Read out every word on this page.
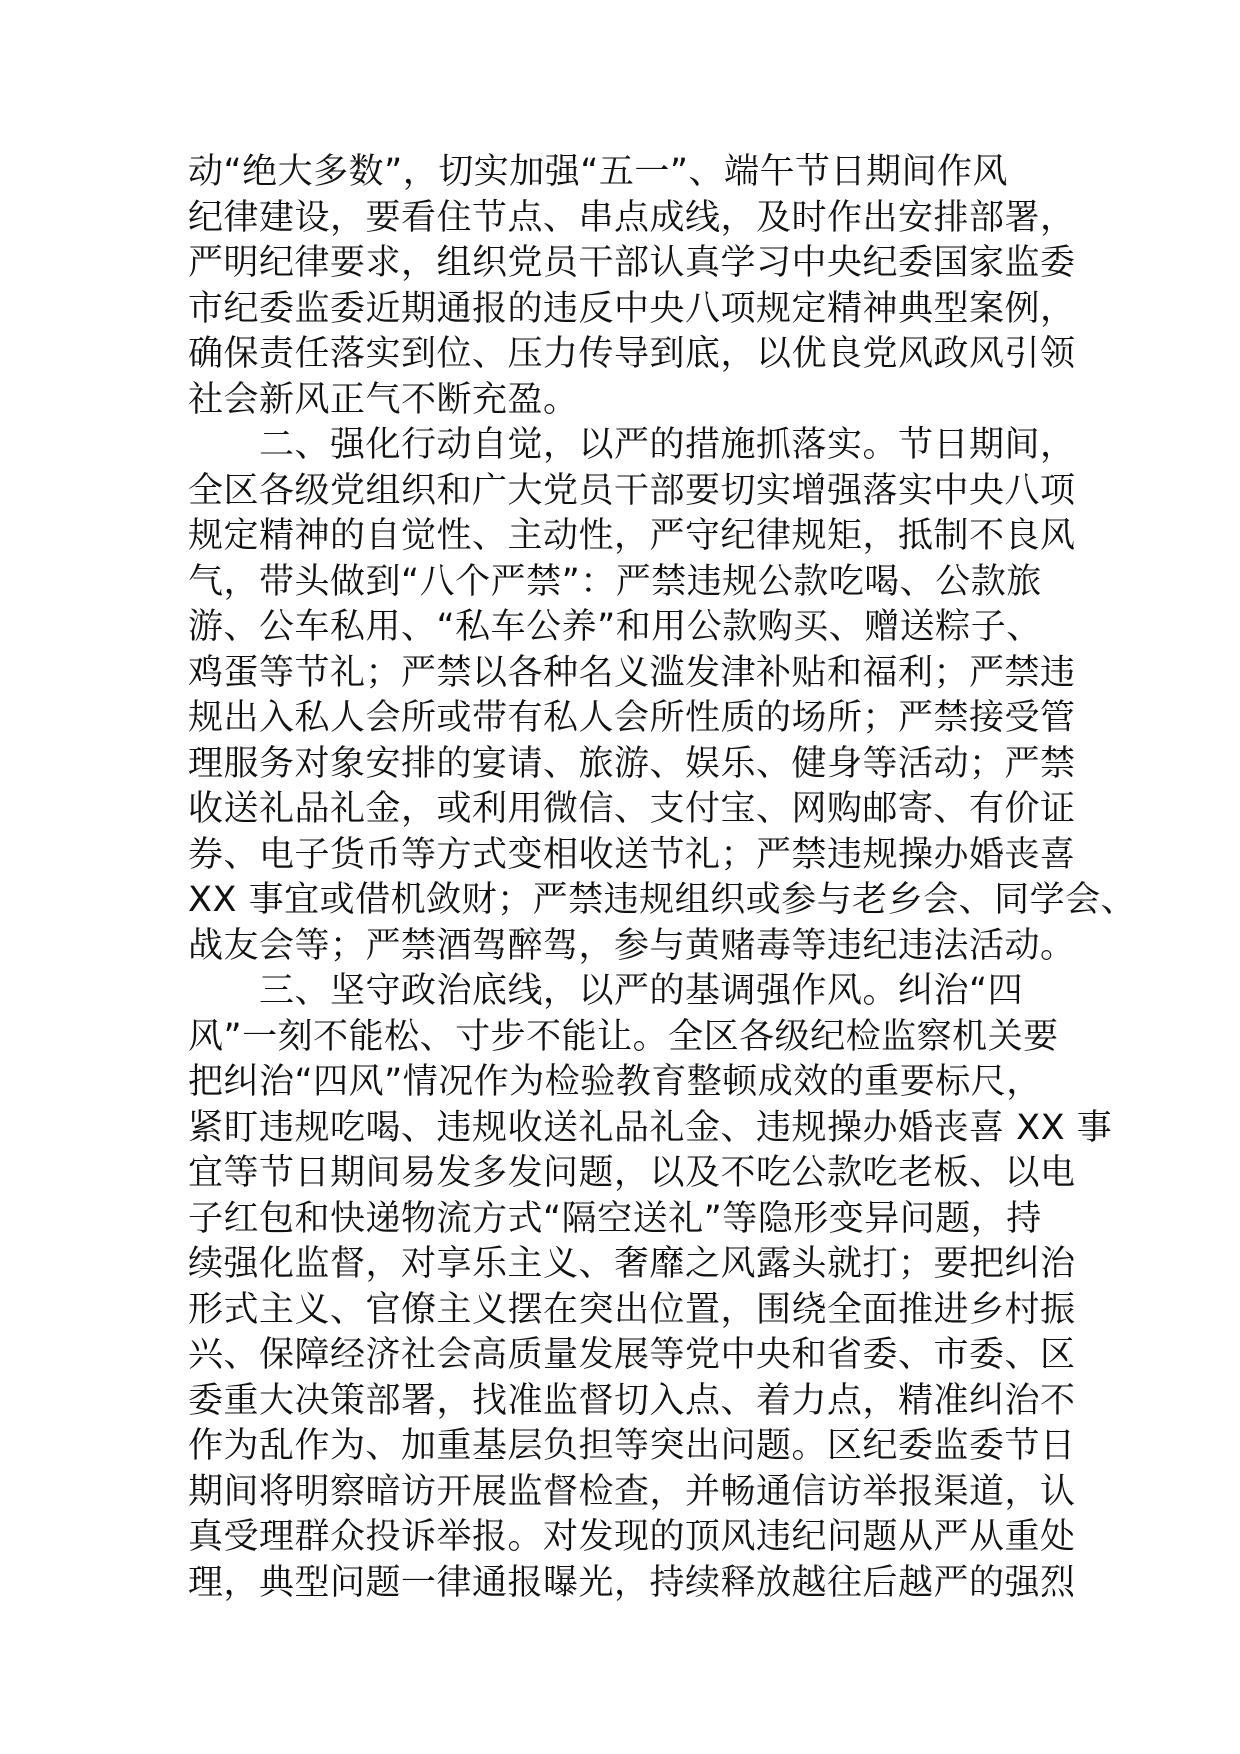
动“绝大多数”，切实加强“五一”、端午节日期间作风
纪律建设，要看住节点、串点成线，及时作出安排部署，
严明纪律要求，组织党员干部认真学习中央纪委国家监委
市纪委监委近期通报的违反中央八项规定精神典型案例，
确保责任落实到位、压力传导到底，以优良党风政风引领
社会新风正气不断充盈。
二、强化行动自觉，以严的措施抓落实。节日期间，
全区各级党组织和广大党员干部要切实增强落实中央八项
规定精神的自觉性、主动性，严守纪律规矩，抵制不良风
气，带头做到“八个严禁”：严禁违规公款吃喝、公款旅
游、公车私用、“私车公养”和用公款购买、赠送粽子、
鸡蛋等节礼；严禁以各种名义滥发津补贴和福利；严禁违
规出入私人会所或带有私人会所性质的场所；严禁接受管
理服务对象安排的宴请、旅游、娱乐、健身等活动；严禁
收送礼品礼金，或利用微信、支付宝、网购邮寄、有价证
券、电子货币等方式变相收送节礼；严禁违规操办婚丧喜
XX 事宜或借机敛财；严禁违规组织或参与老乡会、同学会、
战友会等；严禁酒驾醉驾，参与黄赌毒等违纪违法活动。
三、坚守政治底线，以严的基调强作风。纠治“四
风”一刻不能松、寸步不能让。全区各级纪检监察机关要
把纠治“四风”情况作为检验教育整顿成效的重要标尺，
紧盯违规吃喝、违规收送礼品礼金、违规操办婚丧喜 XX 事
宜等节日期间易发多发问题，以及不吃公款吃老板、以电
子红包和快递物流方式“隔空送礼”等隐形变异问题，持
续强化监督，对享乐主义、奢靡之风露头就打；要把纠治
形式主义、官僚主义摆在突出位置，围绕全面推进乡村振
兴、保障经济社会高质量发展等党中央和省委、市委、区
委重大决策部署，找准监督切入点、着力点，精准纠治不
作为乱作为、加重基层负担等突出问题。区纪委监委节日
期间将明察暗访开展监督检查，并畅通信访举报渠道，认
真受理群众投诉举报。对发现的顶风违纪问题从严从重处
理，典型问题一律通报曝光，持续释放越往后越严的强烈
